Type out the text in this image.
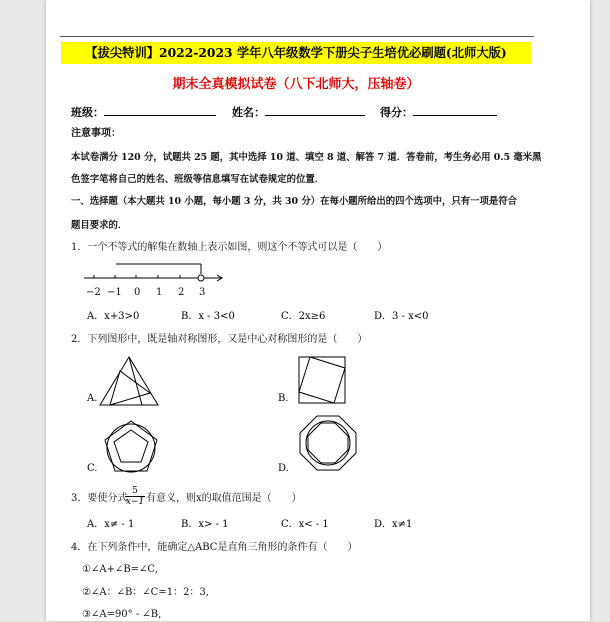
【拔尖特训】2022-2023 学年八年级数学下册尖子生培优必刷题(北师大版)
期末全真模拟试卷（八下北师大，压轴卷）
班级：	姓名：	得分：
注意事项：
本试卷满分 120 分，试题共 25 题，其中选择 10 道、填空 8 道、解答 7 道．答卷前，考生务必用 0.5 毫米黑
色签字笔将自己的姓名、班级等信息填写在试卷规定的位置．
一、选择题（本大题共 10 小题，每小题 3 分，共 30 分）在每小题所给出的四个选项中，只有一项是符合
题目要求的．
1．一个不等式的解集在数轴上表示如图，则这个不等式可以是（　　）
−2 −1 0 1 2 3
A．x+3>0	B．x - 3<0	C．2x≥6	D．3 - x<0
2．下列图形中，既是轴对称图形，又是中心对称图形的是（　　）
A.	B.
C.	D.
3．要使分式
$\frac{5}{x-1}$ 有意义，则x的取值范围是（　　）
A．x≠ - 1	B．x> - 1	C．x< - 1	D．x≠1
4．在下列条件中，能确定△ABC是直角三角形的条件有（　　）
①∠A+∠B=∠C,
②∠A：∠B：∠C=1：2：3,
③∠A=90° - ∠B,
